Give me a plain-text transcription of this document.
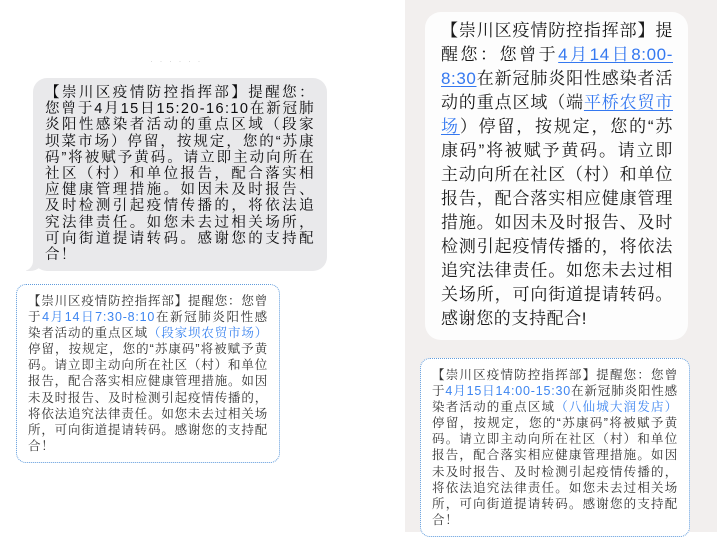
· · · · · ·
【崇川区疫情防控指挥部】提醒您：您曾于4月15日15:20-16:10在新冠肺炎阳性感染者活动的重点区域（段家坝菜市场）停留，按规定，您的“苏康码”将被赋予黄码。请立即主动向所在社区（村）和单位报告，配合落实相应健康管理措施。如因未及时报告、及时检测引起疫情传播的，将依法追究法律责任。如您未去过相关场所，可向街道提请转码。感谢您的支持配合！
【崇川区疫情防控指挥部】提醒您：您曾于4月14日7:30-8:10在新冠肺炎阳性感染者活动的重点区域（段家坝农贸市场）停留，按规定，您的“苏康码”将被赋予黄码。请立即主动向所在社区（村）和单位报告，配合落实相应健康管理措施。如因未及时报告、及时检测引起疫情传播的，将依法追究法律责任。如您未去过相关场所，可向街道提请转码。感谢您的支持配合！
【崇川区疫情防控指挥部】提醒您：您曾于4月14日8:00-8:30在新冠肺炎阳性感染者活动的重点区域（端平桥农贸市场）停留，按规定，您的“苏康码”将被赋予黄码。请立即主动向所在社区（村）和单位报告，配合落实相应健康管理措施。如因未及时报告、及时检测引起疫情传播的，将依法追究法律责任。如您未去过相关场所，可向街道提请转码。感谢您的支持配合!
【崇川区疫情防控指挥部】提醒您：您曾于4月15日14:00-15:30在新冠肺炎阳性感染者活动的重点区域（八仙城大润发店）停留，按规定，您的“苏康码”将被赋予黄码。请立即主动向所在社区（村）和单位报告，配合落实相应健康管理措施。如因未及时报告、及时检测引起疫情传播的，将依法追究法律责任。如您未去过相关场所，可向街道提请转码。感谢您的支持配合！
